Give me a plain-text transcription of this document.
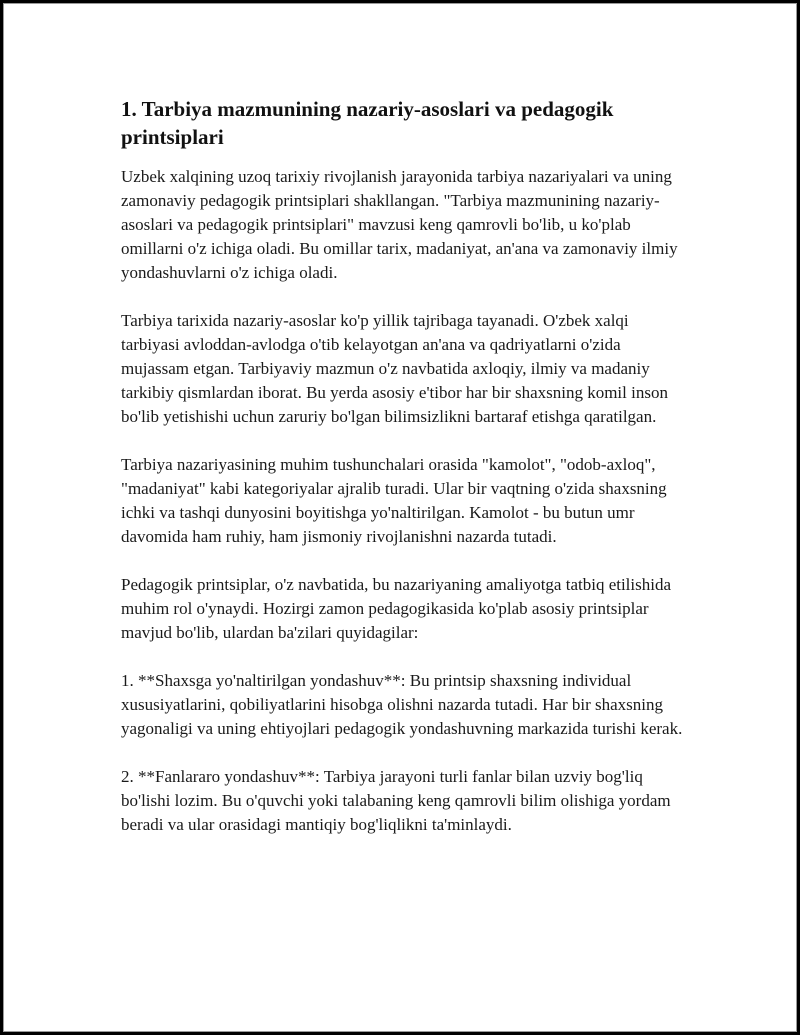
1. Tarbiya mazmunining nazariy-asoslari va pedagogik printsiplari

Uzbek xalqining uzoq tarixiy rivojlanish jarayonida tarbiya nazariyalari va uning zamonaviy pedagogik printsiplari shakllangan. "Tarbiya mazmunining nazariy-asoslari va pedagogik printsiplari" mavzusi keng qamrovli bo'lib, u ko'plab omillarni o'z ichiga oladi. Bu omillar tarix, madaniyat, an'ana va zamonaviy ilmiy yondashuvlarni o'z ichiga oladi.

Tarbiya tarixida nazariy-asoslar ko'p yillik tajribaga tayanadi. O'zbek xalqi tarbiyasi avloddan-avlodga o'tib kelayotgan an'ana va qadriyatlarni o'zida mujassam etgan. Tarbiyaviy mazmun o'z navbatida axloqiy, ilmiy va madaniy tarkibiy qismlardan iborat. Bu yerda asosiy e'tibor har bir shaxsning komil inson bo'lib yetishishi uchun zaruriy bo'lgan bilimsizlikni bartaraf etishga qaratilgan.

Tarbiya nazariyasining muhim tushunchalari orasida "kamolot", "odob-axloq", "madaniyat" kabi kategoriyalar ajralib turadi. Ular bir vaqtning o'zida shaxsning ichki va tashqi dunyosini boyitishga yo'naltirilgan. Kamolot - bu butun umr davomida ham ruhiy, ham jismoniy rivojlanishni nazarda tutadi.

Pedagogik printsiplar, o'z navbatida, bu nazariyaning amaliyotga tatbiq etilishida muhim rol o'ynaydi. Hozirgi zamon pedagogikasida ko'plab asosiy printsiplar mavjud bo'lib, ulardan ba'zilari quyidagilar:

1. **Shaxsga yo'naltirilgan yondashuv**: Bu printsip shaxsning individual xususiyatlarini, qobiliyatlarini hisobga olishni nazarda tutadi. Har bir shaxsning yagonaligi va uning ehtiyojlari pedagogik yondashuvning markazida turishi kerak.

2. **Fanlararo yondashuv**: Tarbiya jarayoni turli fanlar bilan uzviy bog'liq bo'lishi lozim. Bu o'quvchi yoki talabaning keng qamrovli bilim olishiga yordam beradi va ular orasidagi mantiqiy bog'liqlikni ta'minlaydi.
